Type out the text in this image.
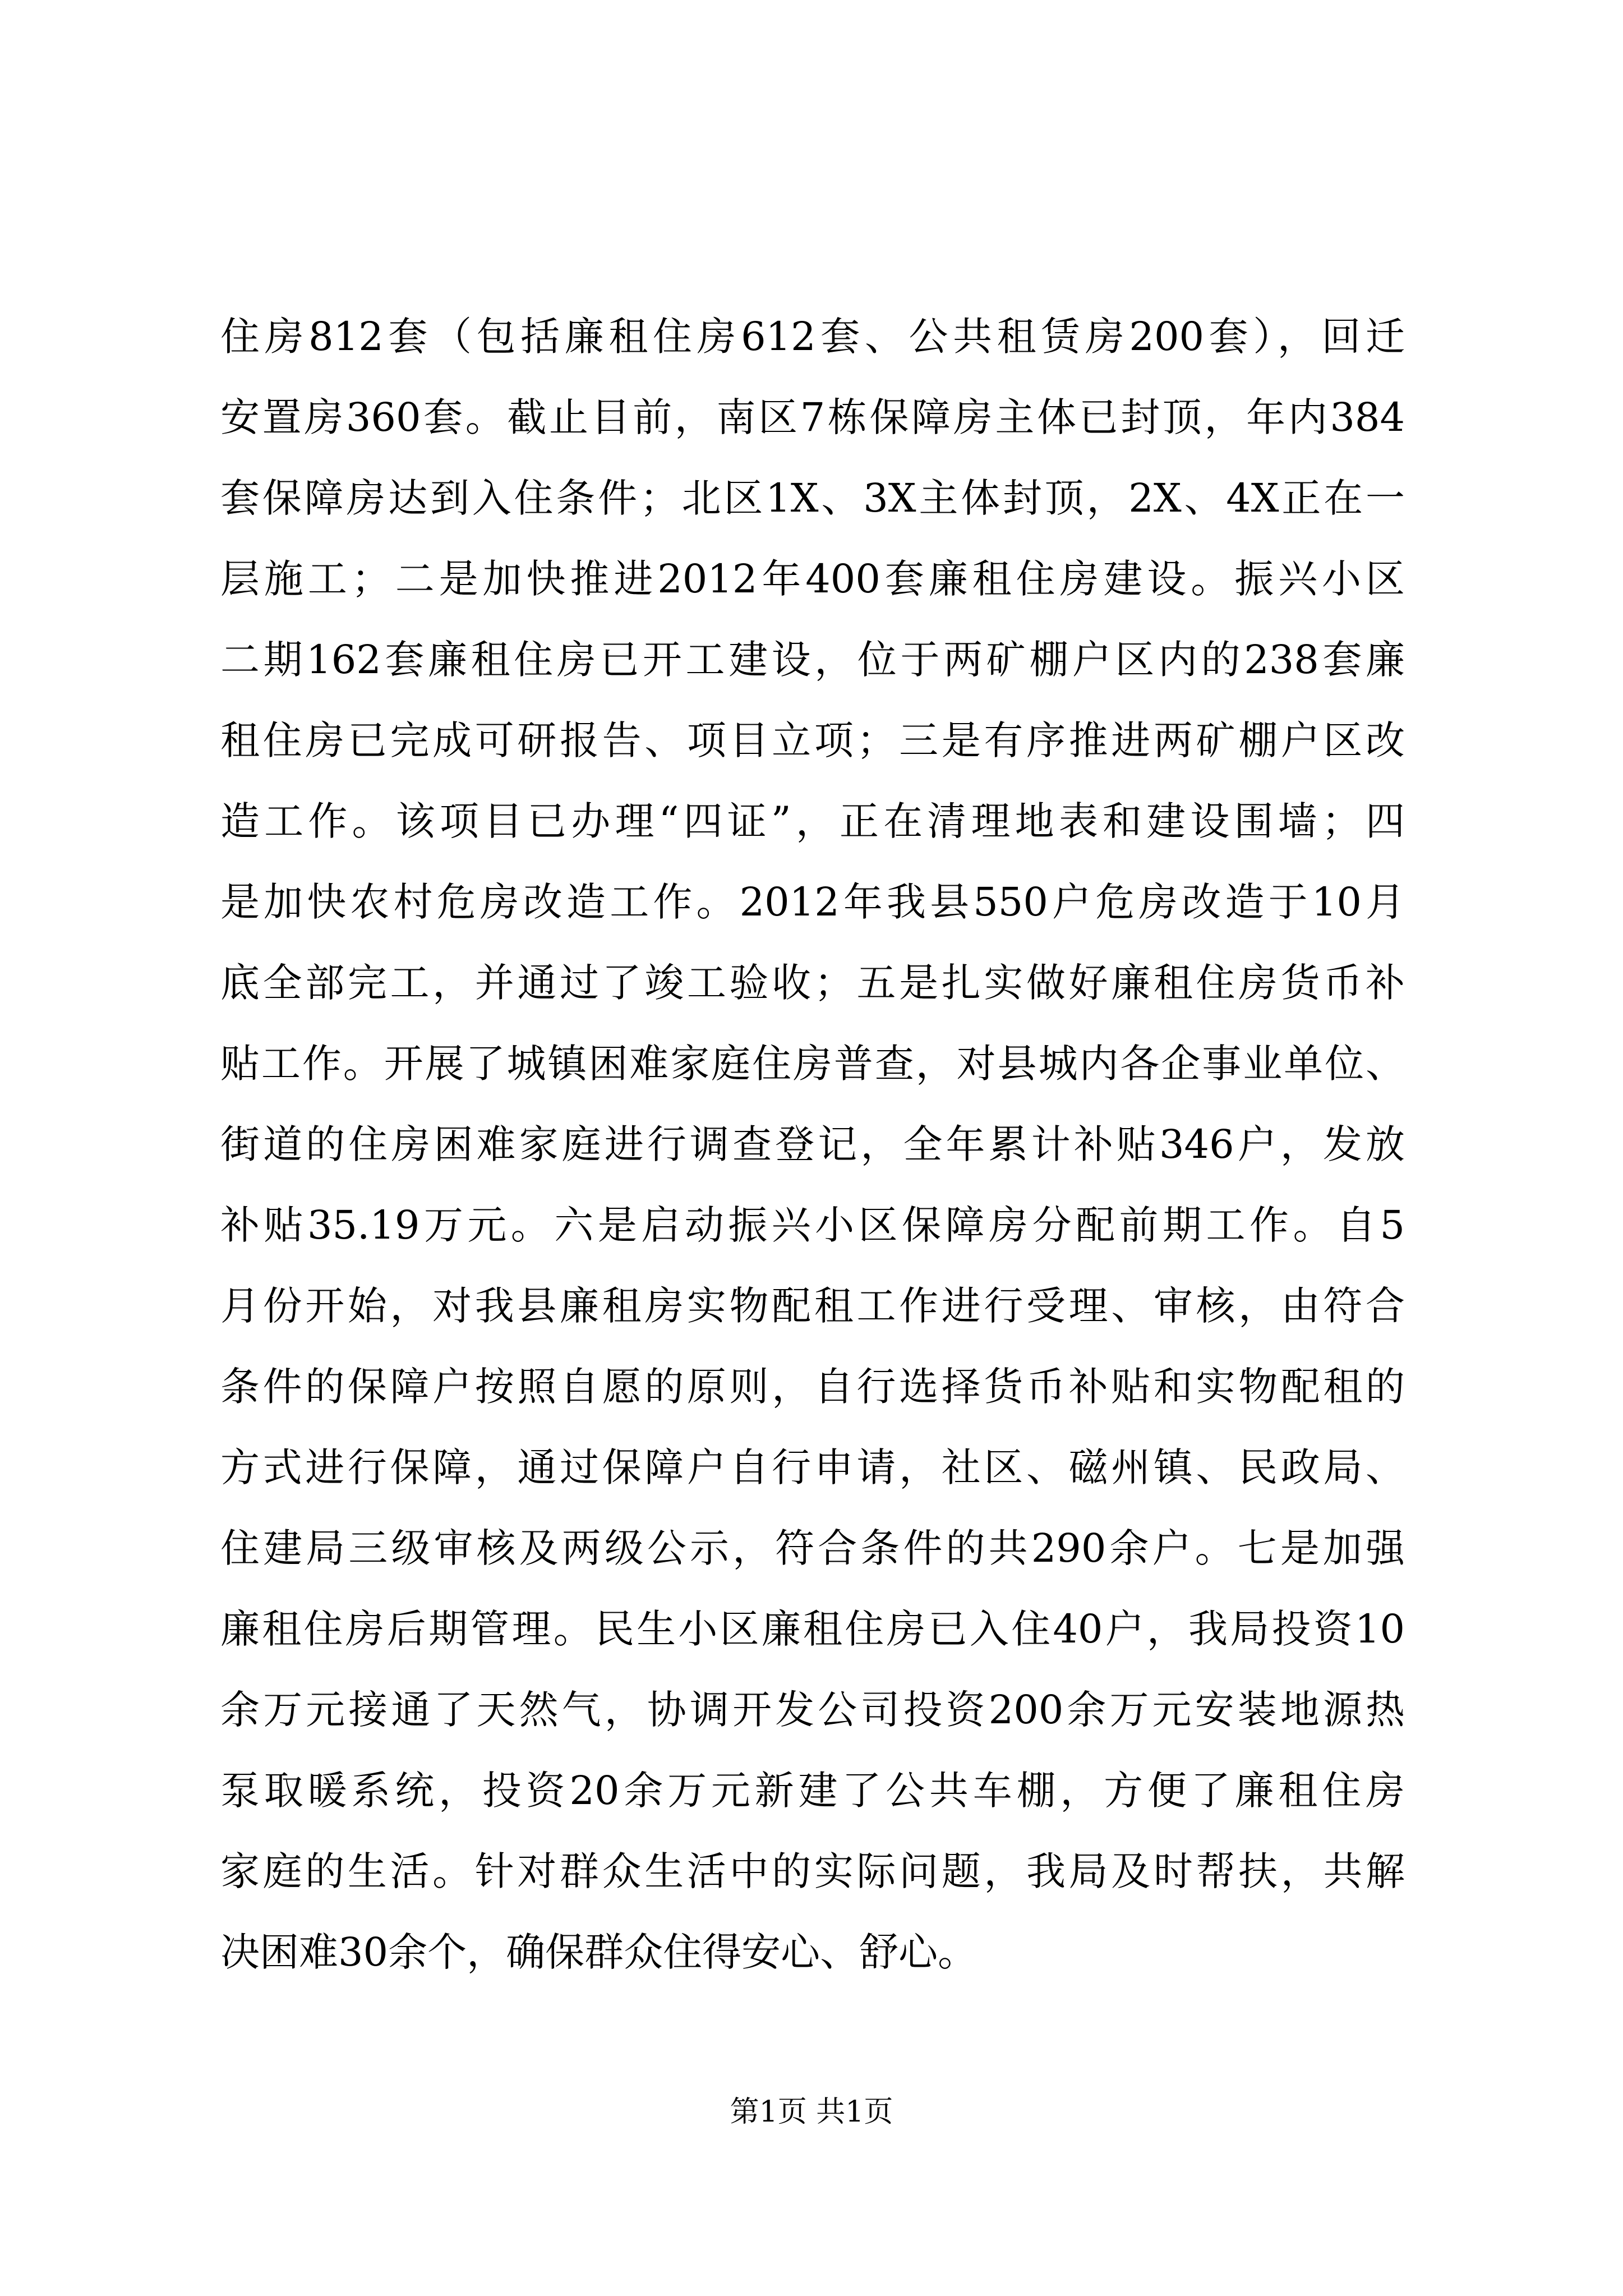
住房812套（包括廉租住房612套、公共租赁房200套），回迁
安置房360套。截止目前，南区7栋保障房主体已封顶，年内384
套保障房达到入住条件；北区1X、3X主体封顶，2X、4X正在一
层施工；二是加快推进2012年400套廉租住房建设。振兴小区
二期162套廉租住房已开工建设，位于两矿棚户区内的238套廉
租住房已完成可研报告、项目立项；三是有序推进两矿棚户区改
造工作。该项目已办理“四证”，正在清理地表和建设围墙；四
是加快农村危房改造工作。2012年我县550户危房改造于10月
底全部完工，并通过了竣工验收；五是扎实做好廉租住房货币补
贴工作。开展了城镇困难家庭住房普查，对县城内各企事业单位、
街道的住房困难家庭进行调查登记，全年累计补贴346户，发放
补贴35.19万元。六是启动振兴小区保障房分配前期工作。自5
月份开始，对我县廉租房实物配租工作进行受理、审核，由符合
条件的保障户按照自愿的原则，自行选择货币补贴和实物配租的
方式进行保障，通过保障户自行申请，社区、磁州镇、民政局、
住建局三级审核及两级公示，符合条件的共290余户。七是加强
廉租住房后期管理。民生小区廉租住房已入住40户，我局投资10
余万元接通了天然气，协调开发公司投资200余万元安装地源热
泵取暖系统，投资20余万元新建了公共车棚，方便了廉租住房
家庭的生活。针对群众生活中的实际问题，我局及时帮扶，共解
决困难30余个，确保群众住得安心、舒心。
第1页 共1页
